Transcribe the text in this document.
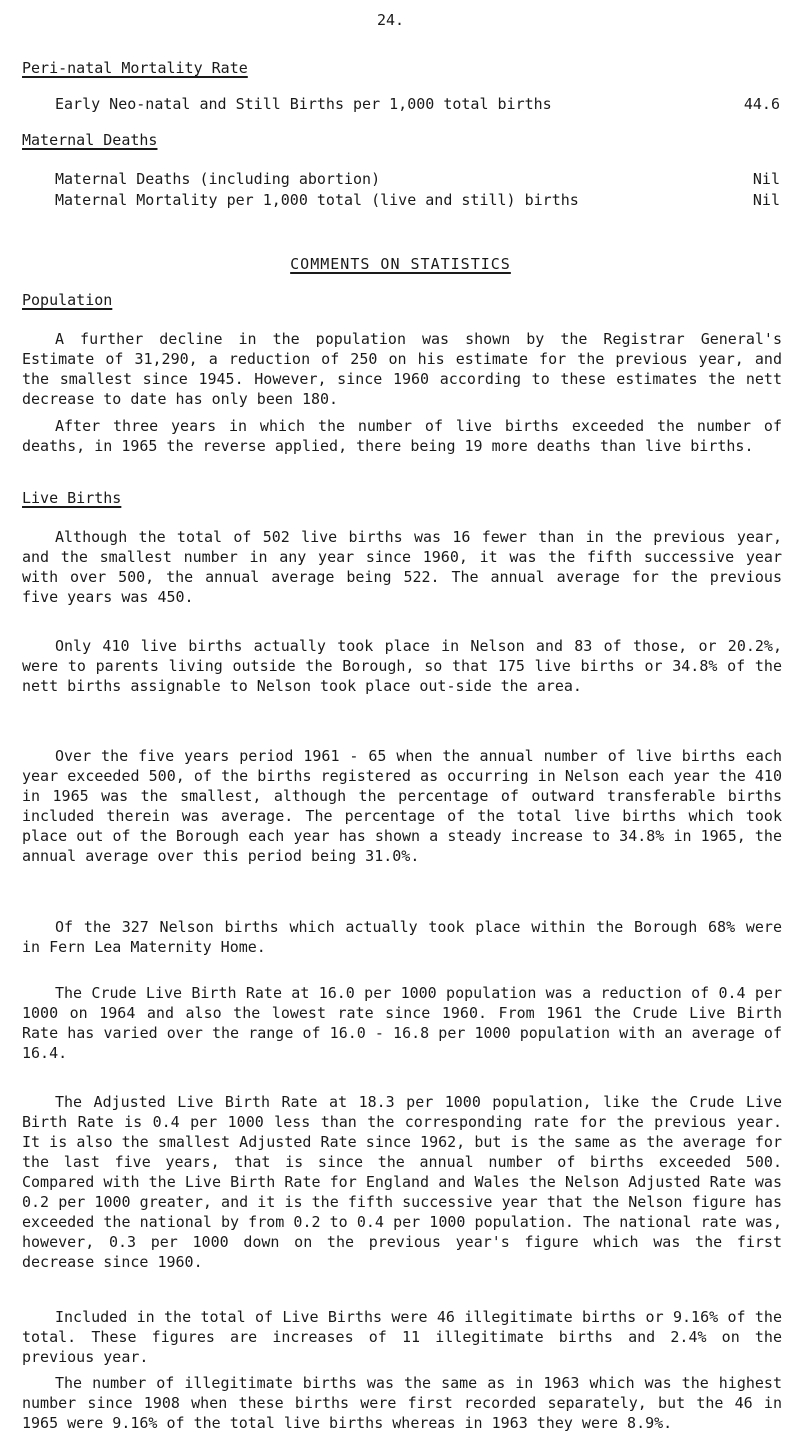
24.
Peri-natal Mortality Rate
Early Neo-natal and Still Births per 1,000 total births	44.6
Maternal Deaths
Maternal Deaths (including abortion)	Nil
Maternal Mortality per 1,000 total (live and still) births	Nil
COMMENTS ON STATISTICS
Population

A further decline in the population was shown by the Registrar General's Estimate of 31,290, a reduction of 250 on his estimate for the previous year, and the smallest since 1945. However, since 1960 according to these estimates the nett decrease to date has only been 180.

After three years in which the number of live births exceeded the number of deaths, in 1965 the reverse applied, there being 19 more deaths than live births.

Live Births

Although the total of 502 live births was 16 fewer than in the previous year, and the smallest number in any year since 1960, it was the fifth successive year with over 500, the annual average being 522. The annual average for the previous five years was 450.

Only 410 live births actually took place in Nelson and 83 of those, or 20.2%, were to parents living outside the Borough, so that 175 live births or 34.8% of the nett births assignable to Nelson took place out-side the area.

Over the five years period 1961 - 65 when the annual number of live births each year exceeded 500, of the births registered as occurring in Nelson each year the 410 in 1965 was the smallest, although the percentage of outward transferable births included therein was average. The percentage of the total live births which took place out of the Borough each year has shown a steady increase to 34.8% in 1965, the annual average over this period being 31.0%.

Of the 327 Nelson births which actually took place within the Borough 68% were in Fern Lea Maternity Home.

The Crude Live Birth Rate at 16.0 per 1000 population was a reduction of 0.4 per 1000 on 1964 and also the lowest rate since 1960. From 1961 the Crude Live Birth Rate has varied over the range of 16.0 - 16.8 per 1000 population with an average of 16.4.

The Adjusted Live Birth Rate at 18.3 per 1000 population, like the Crude Live Birth Rate is 0.4 per 1000 less than the corresponding rate for the previous year. It is also the smallest Adjusted Rate since 1962, but is the same as the average for the last five years, that is since the annual number of births exceeded 500. Compared with the Live Birth Rate for England and Wales the Nelson Adjusted Rate was 0.2 per 1000 greater, and it is the fifth successive year that the Nelson figure has exceeded the national by from 0.2 to 0.4 per 1000 population. The national rate was, however, 0.3 per 1000 down on the previous year's figure which was the first decrease since 1960.

Included in the total of Live Births were 46 illegitimate births or 9.16% of the total. These figures are increases of 11 illegitimate births and 2.4% on the previous year.

The number of illegitimate births was the same as in 1963 which was the highest number since 1908 when these births were first recorded separately, but the 46 in 1965 were 9.16% of the total live births whereas in 1963 they were 8.9%.
